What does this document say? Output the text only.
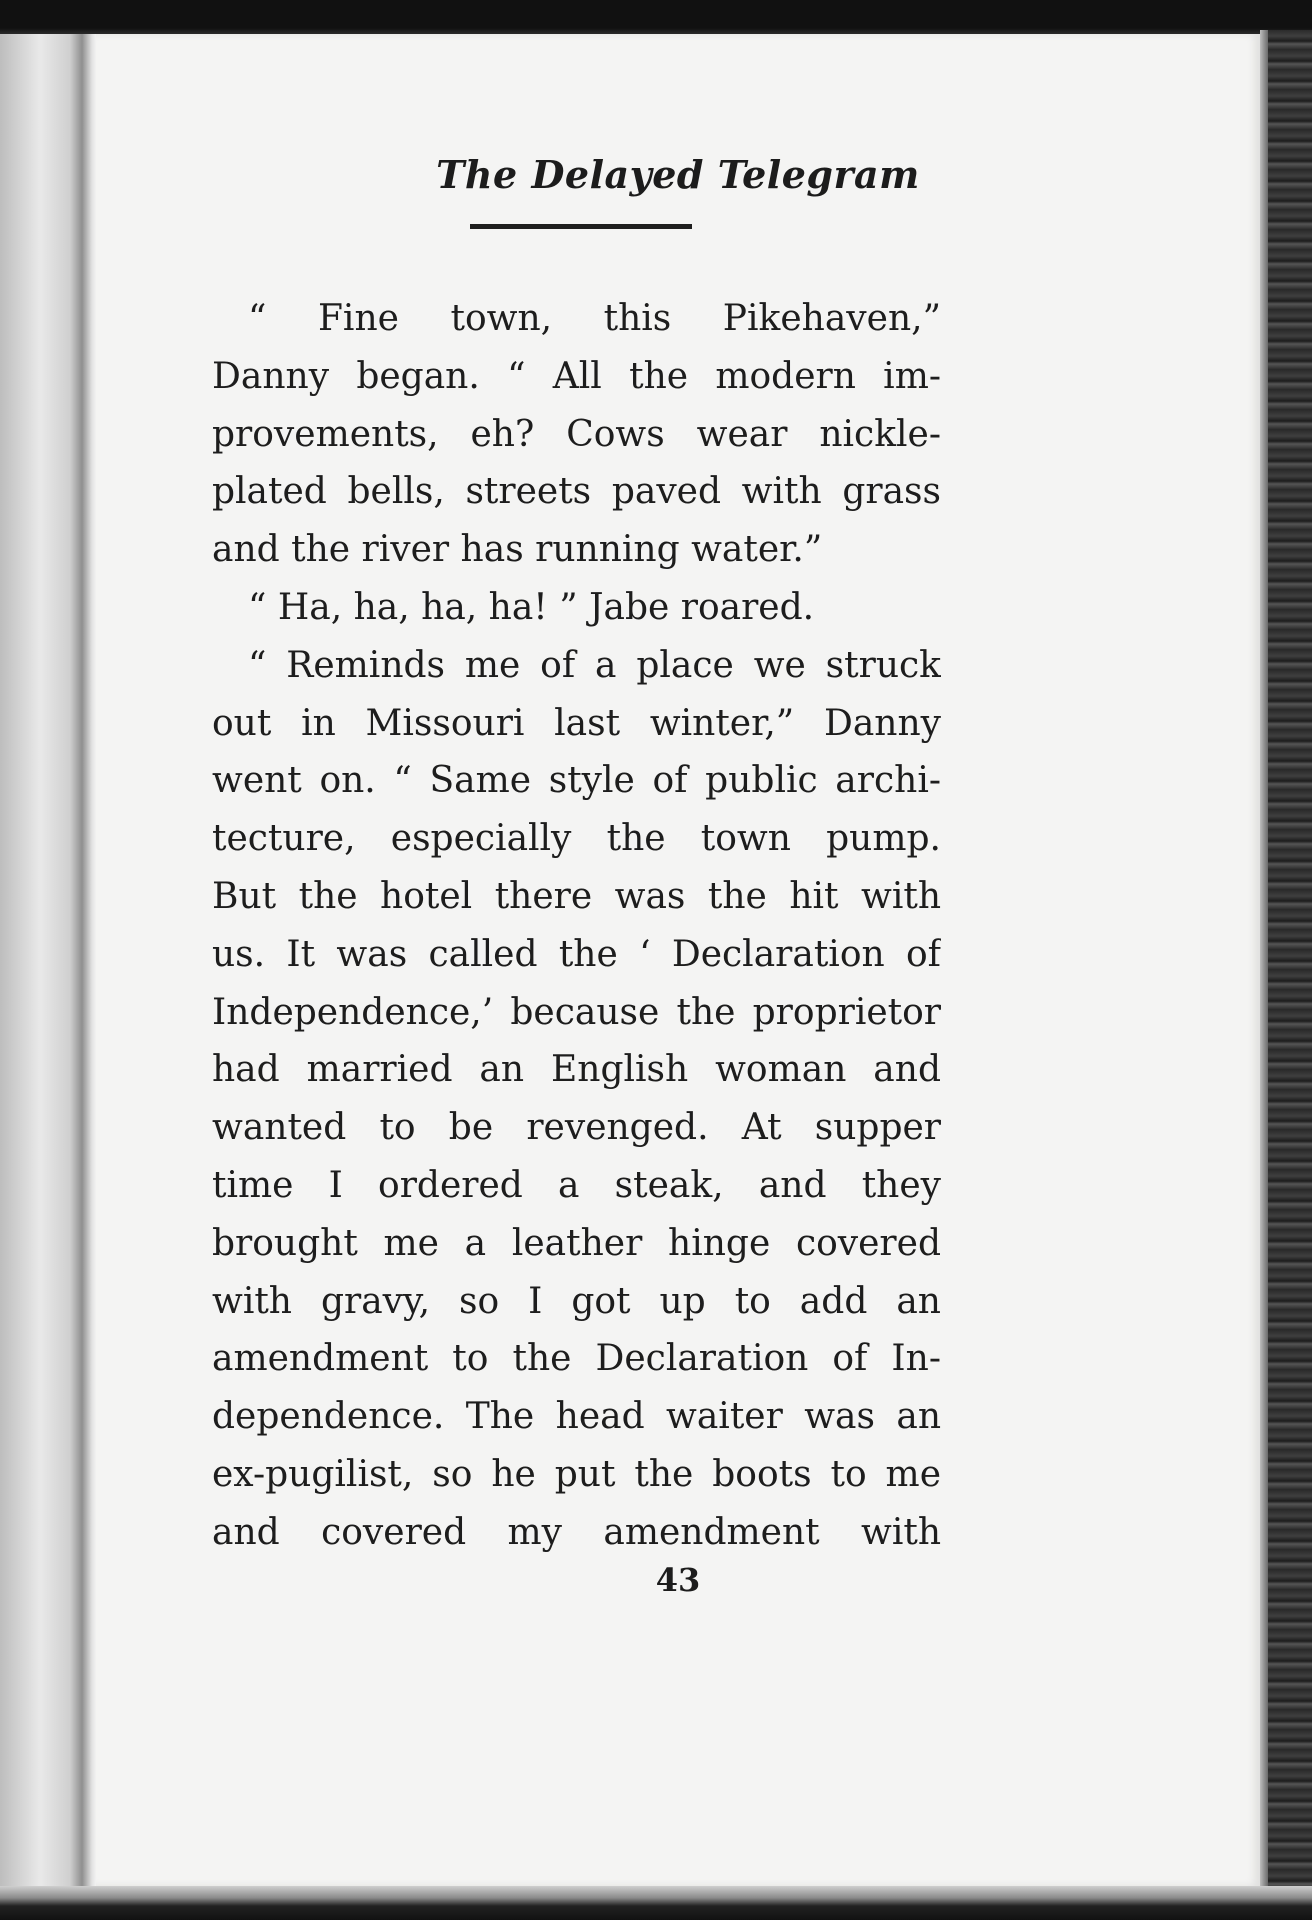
The Delayed Telegram
“ Fine town, this Pikehaven,”
Danny began. “ All the modern im-
provements, eh? Cows wear nickle-
plated bells, streets paved with grass
and the river has running water.”
“ Ha, ha, ha, ha! ” Jabe roared.
“ Reminds me of a place we struck
out in Missouri last winter,” Danny
went on. “ Same style of public archi-
tecture, especially the town pump.
But the hotel there was the hit with
us. It was called the ‘ Declaration of
Independence,’ because the proprietor
had married an English woman and
wanted to be revenged. At supper
time I ordered a steak, and they
brought me a leather hinge covered
with gravy, so I got up to add an
amendment to the Declaration of In-
dependence. The head waiter was an
ex-pugilist, so he put the boots to me
and covered my amendment with
43
